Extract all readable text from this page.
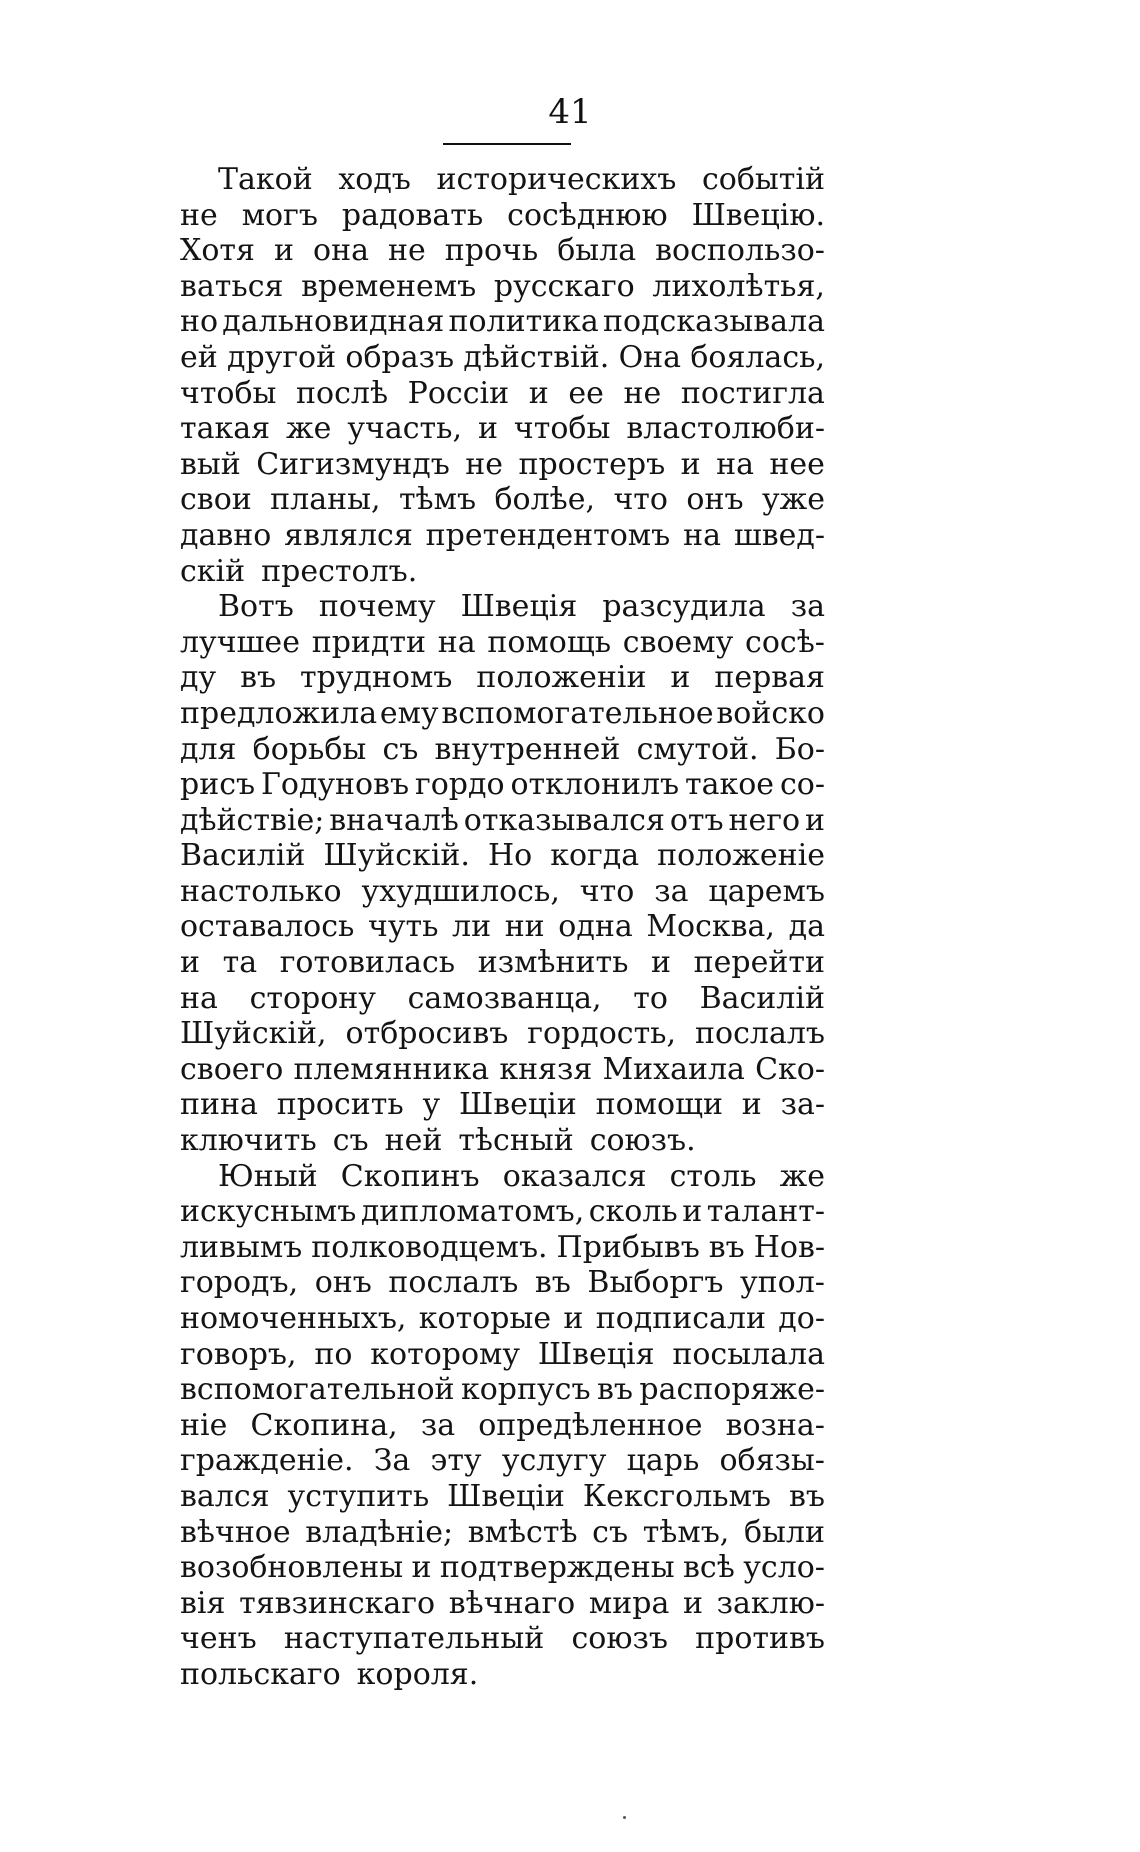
41
Такой ходъ историческихъ событій
не могъ радовать сосѣднюю Швецію.
Хотя и она не прочь была воспользо-
ваться временемъ русскаго лихолѣтья,
но дальновидная политика подсказывала
ей другой образъ дѣйствій. Она боялась,
чтобы послѣ Россіи и ее не постигла
такая же участь, и чтобы властолюби-
вый Сигизмундъ не простеръ и на нее
свои планы, тѣмъ болѣе, что онъ уже
давно являлся претендентомъ на швед-
скій престолъ.
Вотъ почему Швеція разсудила за
лучшее придти на помощь своему сосѣ-
ду въ трудномъ положеніи и первая
предложила ему вспомогательное войско
для борьбы съ внутренней смутой. Бо-
рисъ Годуновъ гордо отклонилъ такое со-
дѣйствіе; вначалѣ отказывался отъ него и
Василій Шуйскій. Но когда положеніе
настолько ухудшилось, что за царемъ
оставалось чуть ли ни одна Москва, да
и та готовилась измѣнить и перейти
на сторону самозванца, то Василій
Шуйскій, отбросивъ гордость, послалъ
своего племянника князя Михаила Ско-
пина просить у Швеціи помощи и за-
ключить съ ней тѣсный союзъ.
Юный Скопинъ оказался столь же
искуснымъ дипломатомъ, сколь и талант-
ливымъ полководцемъ. Прибывъ въ Нов-
городъ, онъ послалъ въ Выборгъ упол-
номоченныхъ, которые и подписали до-
говоръ, по которому Швеція посылала
вспомогательной корпусъ въ распоряже-
ніе Скопина, за опредѣленное возна-
гражденіе. За эту услугу царь обязы-
вался уступить Швеціи Кексгольмъ въ
вѣчное владѣніе; вмѣстѣ съ тѣмъ, были
возобновлены и подтверждены всѣ усло-
вія тявзинскаго вѣчнаго мира и заклю-
ченъ наступательный союзъ противъ
польскаго короля.
